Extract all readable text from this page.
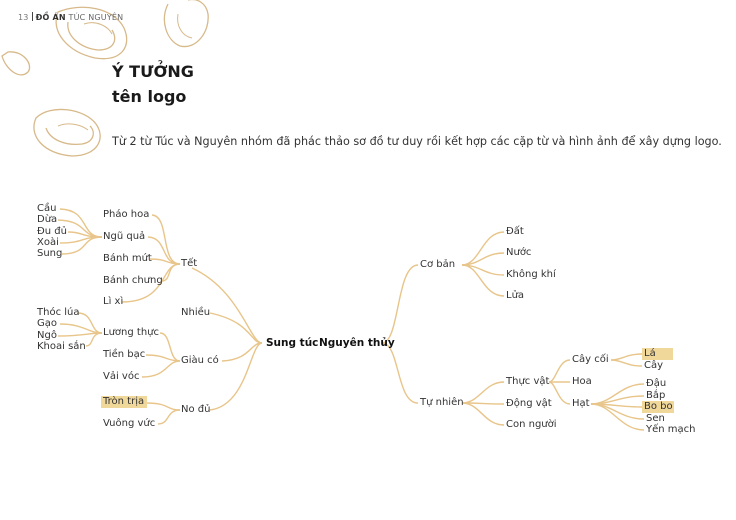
13 ĐỒ ÁN TÚC NGUYÊN
Ý TƯỞNG
tên logo
Từ 2 từ Túc và Nguyên nhóm đã phác thảo sơ đồ tư duy rồi kết hợp các cặp từ và hình ảnh để xây dựng logo.
Sung túc Nguyên thủy
Tết
Pháo hoa
Ngũ quả
Bánh mứt
Bánh chưng
Lì xì
Cầu
Dừa
Đu đủ
Xoài
Sung
Nhiều
Giàu có
Lương thực
Tiền bạc
Vải vóc
Thóc lúa
Gạo
Ngô
Khoai sắn
No đủ
Tròn trịa
Vuông vức
Cơ bản
Đất
Nước
Không khí
Lửa
Tự nhiên
Thực vật
Động vật
Con người
Cây cối
Hoa
Hạt
Lá
Cây
Đậu
Bắp
Bo bo
Sen
Yến mạch
